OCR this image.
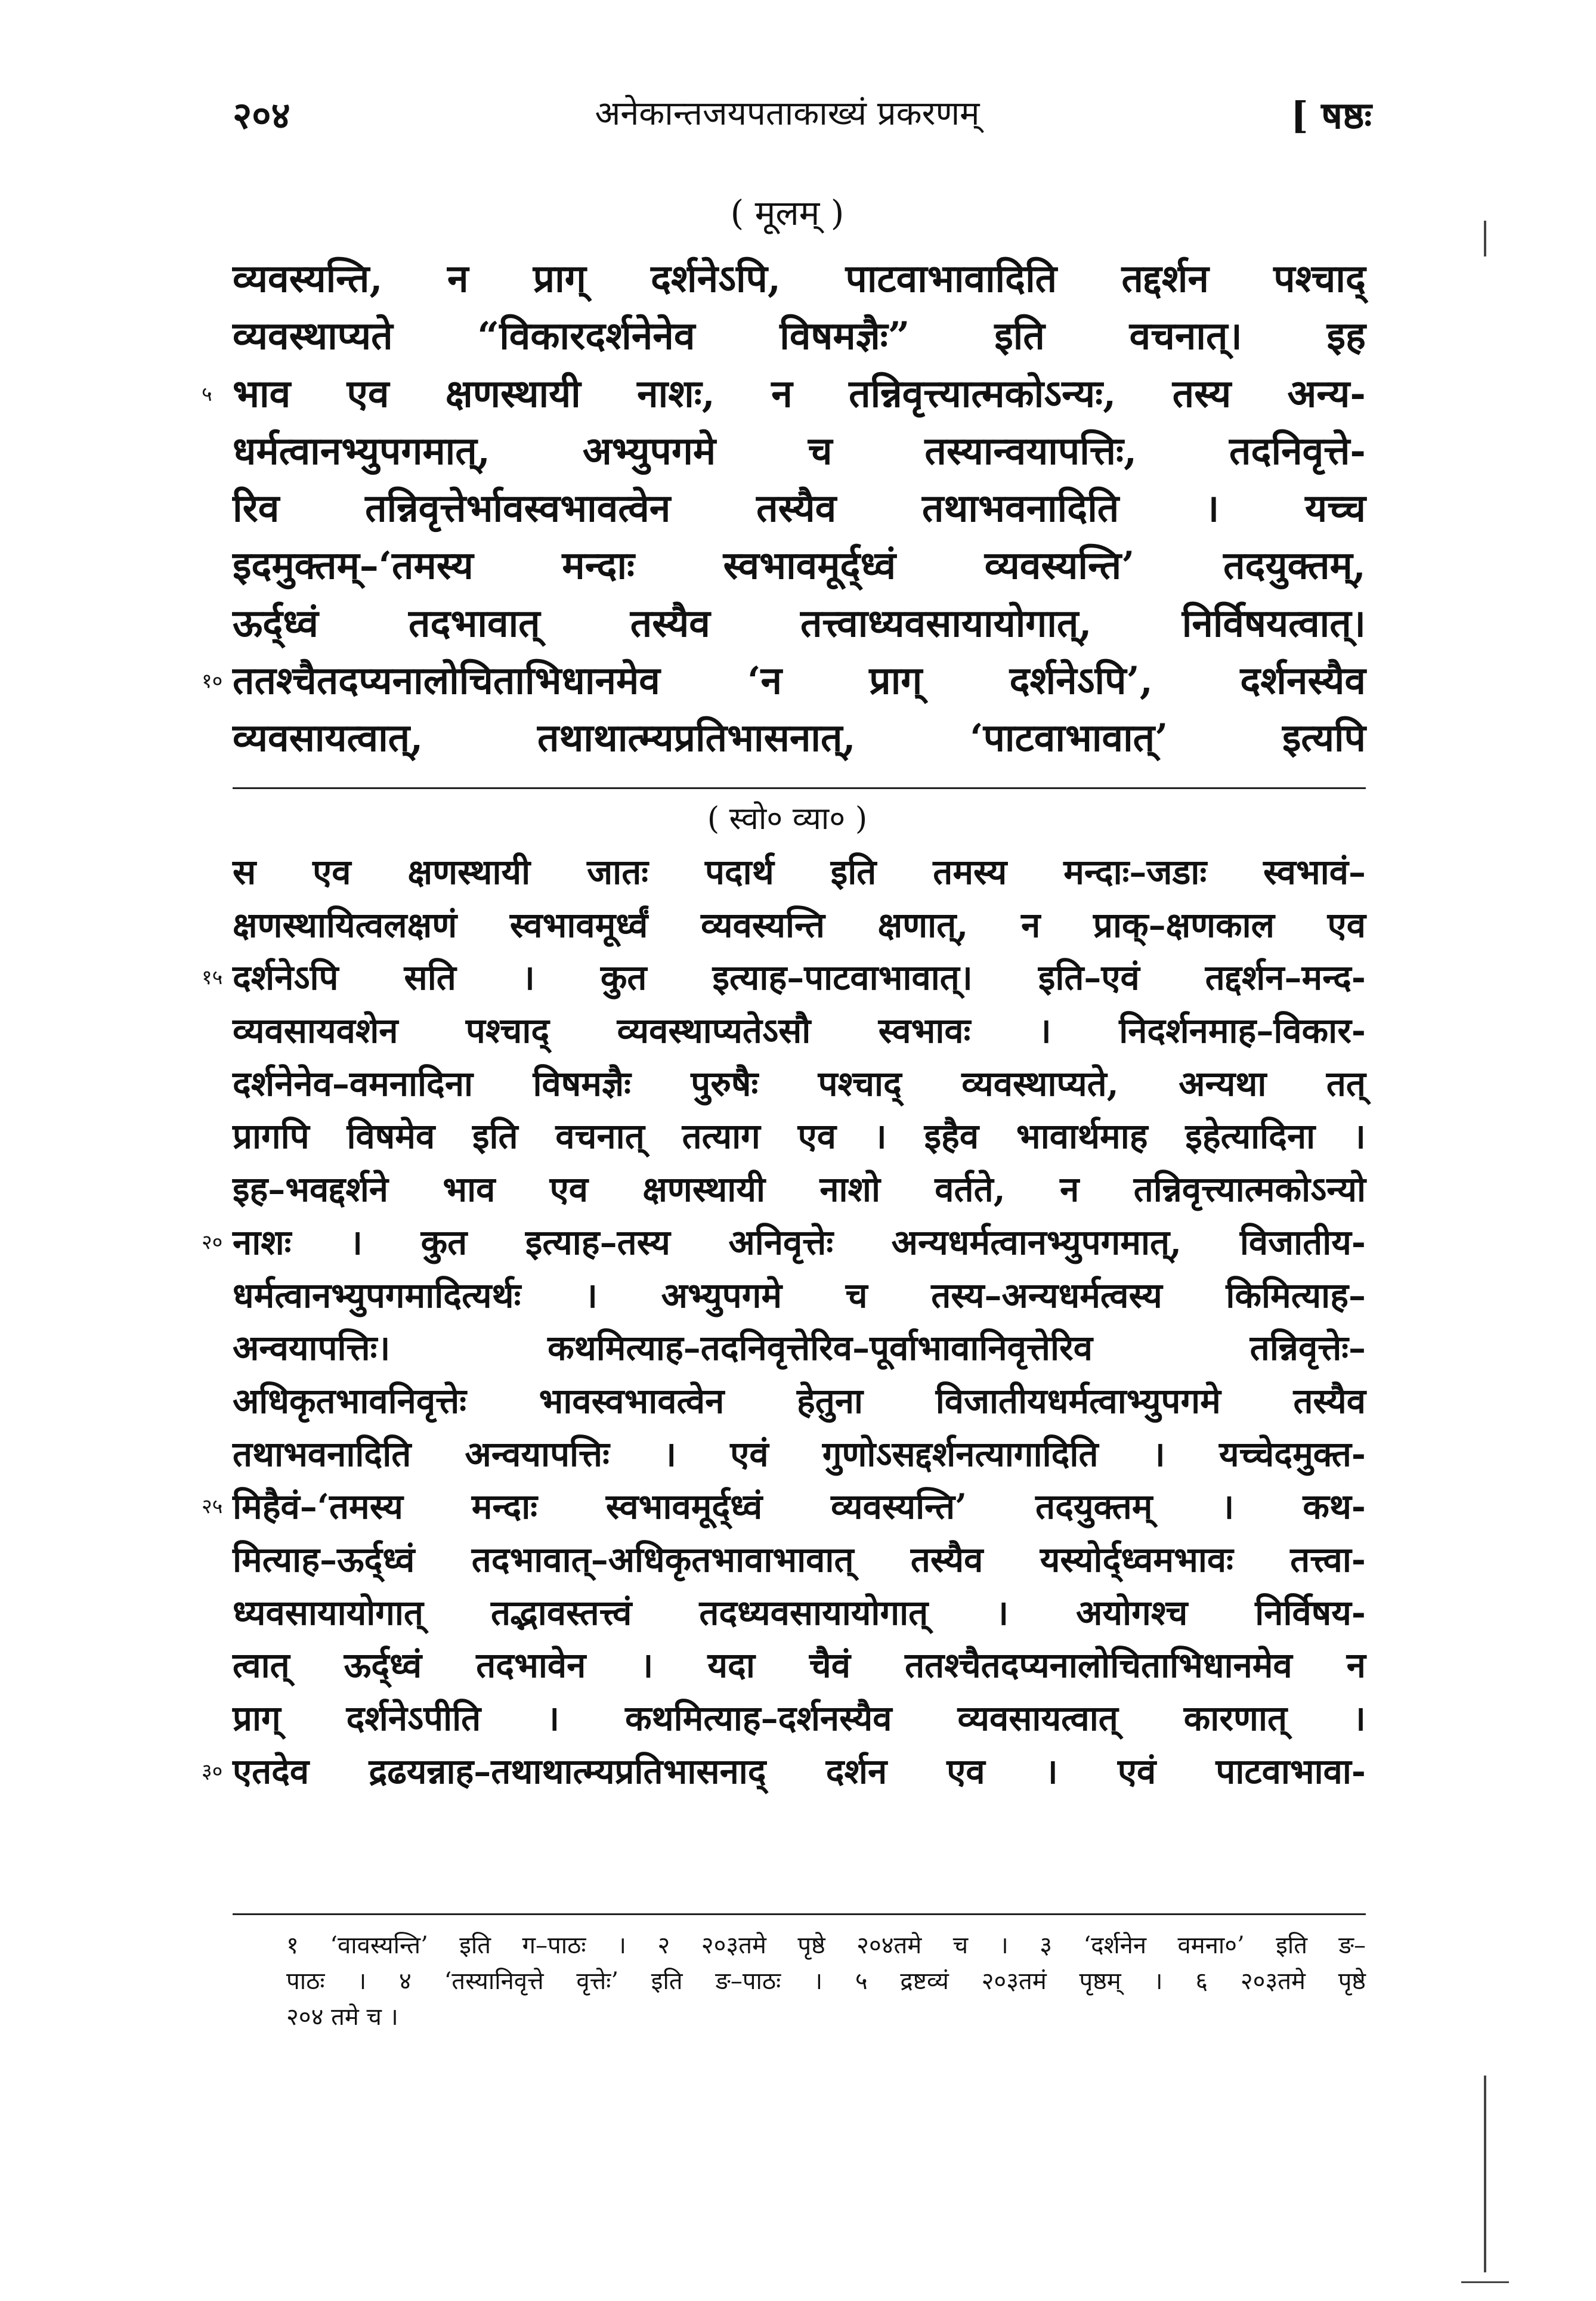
२०४	अनेकान्तजयपताकाख्यं प्रकरणम्	[ षष्ठः
( मूलम् )
व्यवस्यन्ति, न प्राग् दर्शनेऽपि, पाटवाभावादिति तद्दर्शन पश्चाद्
व्यवस्थाप्यते “विकारदर्शनेनेव विषमज्ञैः” इति वचनात्। इह
५ भाव एव क्षणस्थायी नाशः, न तन्निवृत्त्यात्मकोऽन्यः, तस्य अन्य-
धर्मत्वानभ्युपगमात्, अभ्युपगमे च तस्यान्वयापत्तिः, तदनिवृत्ते-
रिव तन्निवृत्तेर्भावस्वभावत्वेन तस्यैव तथाभवनादिति । यच्च
इदमुक्तम्–‘तमस्य मन्दाः स्वभावमूर्द्ध्वं व्यवस्यन्ति’ तदयुक्तम्,
ऊर्द्ध्वं तदभावात् तस्यैव तत्त्वाध्यवसायायोगात्, निर्विषयत्वात्।
१० ततश्चैतदप्यनालोचिताभिधानमेव ‘न प्राग् दर्शनेऽपि’, दर्शनस्यैव
व्यवसायत्वात्, तथाथात्म्यप्रतिभासनात्, ‘पाटवाभावात्’ इत्यपि
( स्वो० व्या० )
स एव क्षणस्थायी जातः पदार्थ इति तमस्य मन्दाः–जडाः स्वभावं–
क्षणस्थायित्वलक्षणं स्वभावमूर्ध्वं व्यवस्यन्ति क्षणात्, न प्राक्–क्षणकाल एव
१५ दर्शनेऽपि सति । कुत इत्याह–पाटवाभावात्। इति–एवं तद्दर्शन–मन्द-
व्यवसायवशेन पश्चाद् व्यवस्थाप्यतेऽसौ स्वभावः । निदर्शनमाह–विकार-
दर्शनेनेव–वमनादिना विषमज्ञैः पुरुषैः पश्चाद् व्यवस्थाप्यते, अन्यथा तत्
प्रागपि विषमेव इति वचनात् तत्याग एव । इहैव भावार्थमाह इहेत्यादिना ।
इह–भवद्दर्शने भाव एव क्षणस्थायी नाशो वर्तते, न तन्निवृत्त्यात्मकोऽन्यो
२० नाशः । कुत इत्याह–तस्य अनिवृत्तेः अन्यधर्मत्वानभ्युपगमात्, विजातीय-
धर्मत्वानभ्युपगमादित्यर्थः । अभ्युपगमे च तस्य–अन्यधर्मत्वस्य किमित्याह–
अन्वयापत्तिः। कथमित्याह–तदनिवृत्तेरिव–पूर्वाभावानिवृत्तेरिव तन्निवृत्तेः–
अधिकृतभावनिवृत्तेः भावस्वभावत्वेन हेतुना विजातीयधर्मत्वाभ्युपगमे तस्यैव
तथाभवनादिति अन्वयापत्तिः । एवं गुणोऽसद्दर्शनत्यागादिति । यच्चेदमुक्त-
२५ मिहैवं–‘तमस्य मन्दाः स्वभावमूर्द्ध्वं व्यवस्यन्ति’ तदयुक्तम् । कथ-
मित्याह–ऊर्द्ध्वं तदभावात्–अधिकृतभावाभावात् तस्यैव यस्योर्द्ध्वमभावः तत्त्वा-
ध्यवसायायोगात् तद्भावस्तत्त्वं तदध्यवसायायोगात् । अयोगश्च निर्विषय-
त्वात् ऊर्द्ध्वं तदभावेन । यदा चैवं ततश्चैतदप्यनालोचिताभिधानमेव न
प्राग् दर्शनेऽपीति । कथमित्याह–दर्शनस्यैव व्यवसायत्वात् कारणात् ।
३० एतदेव द्रढयन्नाह–तथाथात्म्यप्रतिभासनाद् दर्शन एव । एवं पाटवाभावा-
१ ‘वावस्यन्ति’ इति ग–पाठः । २ २०३तमे पृष्ठे २०४तमे च । ३ ‘दर्शनेन वमना०’ इति ङ–
पाठः । ४ ‘तस्यानिवृत्ते वृत्तेः’ इति ङ–पाठः । ५ द्रष्टव्यं २०३तमं पृष्ठम् । ६ २०३तमे पृष्ठे
२०४ तमे च ।
